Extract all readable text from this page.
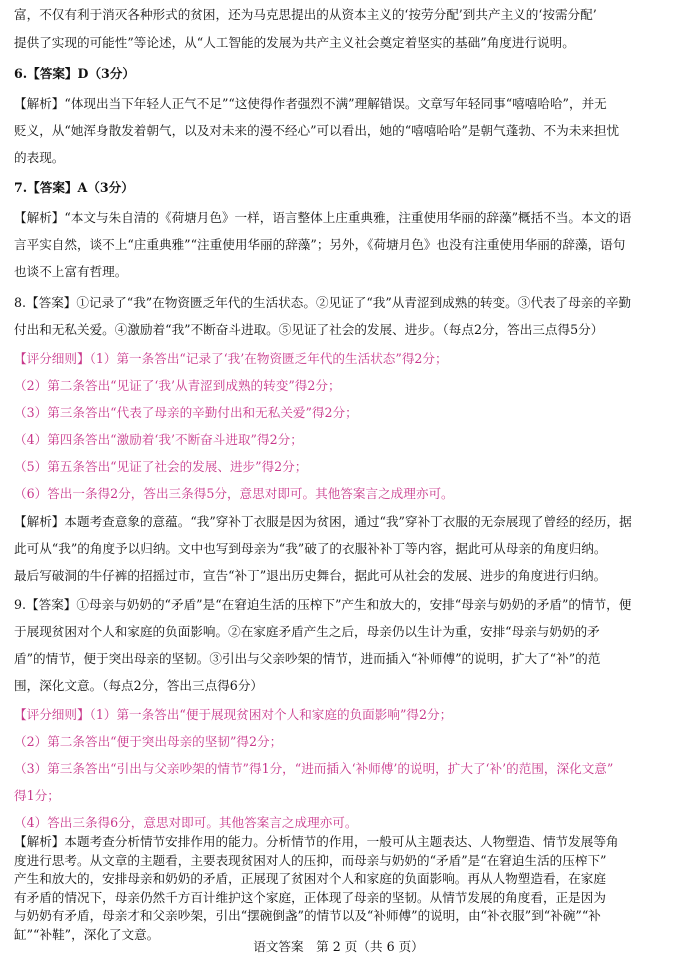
富，不仅有利于消灭各种形式的贫困，还为马克思提出的从资本主义的‘按劳分配’到共产主义的‘按需分配’
提供了实现的可能性”等论述，从“人工智能的发展为共产主义社会奠定着坚实的基础”角度进行说明。
6.【答案】D（3分）
【解析】“体现出当下年轻人正气不足”“这使得作者强烈不满”理解错误。文章写年轻同事“嘻嘻哈哈”，并无
贬义，从“她浑身散发着朝气，以及对未来的漫不经心”可以看出，她的“嘻嘻哈哈”是朝气蓬勃、不为未来担忧
的表现。
7.【答案】A（3分）
【解析】“本文与朱自清的《荷塘月色》一样，语言整体上庄重典雅，注重使用华丽的辞藻”概括不当。本文的语
言平实自然，谈不上“庄重典雅”“注重使用华丽的辞藻”；另外，《荷塘月色》也没有注重使用华丽的辞藻，语句
也谈不上富有哲理。
8.【答案】①记录了“我”在物资匮乏年代的生活状态。②见证了“我”从青涩到成熟的转变。③代表了母亲的辛勤
付出和无私关爱。④激励着“我”不断奋斗进取。⑤见证了社会的发展、进步。（每点2分，答出三点得5分）
【评分细则】（1）第一条答出“记录了‘我’在物资匮乏年代的生活状态”得2分；
（2）第二条答出“见证了‘我’从青涩到成熟的转变”得2分；
（3）第三条答出“代表了母亲的辛勤付出和无私关爱”得2分；
（4）第四条答出“激励着‘我’不断奋斗进取”得2分；
（5）第五条答出“见证了社会的发展、进步”得2分；
（6）答出一条得2分，答出三条得5分，意思对即可。其他答案言之成理亦可。
【解析】本题考查意象的意蕴。“我”穿补丁衣服是因为贫困，通过“我”穿补丁衣服的无奈展现了曾经的经历，据
此可从“我”的角度予以归纳。文中也写到母亲为“我”破了的衣服补补丁等内容，据此可从母亲的角度归纳。
最后写破洞的牛仔裤的招摇过市，宣告“补丁”退出历史舞台，据此可从社会的发展、进步的角度进行归纳。
9.【答案】①母亲与奶奶的“矛盾”是“在窘迫生活的压榨下”产生和放大的，安排“母亲与奶奶的矛盾”的情节，便
于展现贫困对个人和家庭的负面影响。②在家庭矛盾产生之后，母亲仍以生计为重，安排“母亲与奶奶的矛
盾”的情节，便于突出母亲的坚韧。③引出与父亲吵架的情节，进而插入“补师傅”的说明，扩大了“补”的范
围，深化文意。（每点2分，答出三点得6分）
【评分细则】（1）第一条答出“便于展现贫困对个人和家庭的负面影响”得2分；
（2）第二条答出“便于突出母亲的坚韧”得2分；
（3）第三条答出“引出与父亲吵架的情节”得1分，“进而插入‘补师傅’的说明，扩大了‘补’的范围，深化文意”
得1分；
（4）答出三条得6分，意思对即可。其他答案言之成理亦可。
【解析】本题考查分析情节安排作用的能力。分析情节的作用，一般可从主题表达、人物塑造、情节发展等角
度进行思考。从文章的主题看，主要表现贫困对人的压抑，而母亲与奶奶的“矛盾”是“在窘迫生活的压榨下”
产生和放大的，安排母亲和奶奶的矛盾，正展现了贫困对个人和家庭的负面影响。再从人物塑造看，在家庭
有矛盾的情况下，母亲仍然千方百计维护这个家庭，正体现了母亲的坚韧。从情节发展的角度看，正是因为
与奶奶有矛盾，母亲才和父亲吵架，引出“摆碗倒盏”的情节以及“补师傅”的说明，由“补衣服”到“补碗”“补
缸”“补鞋”，深化了文意。
语文答案　第 2 页（共 6 页）
